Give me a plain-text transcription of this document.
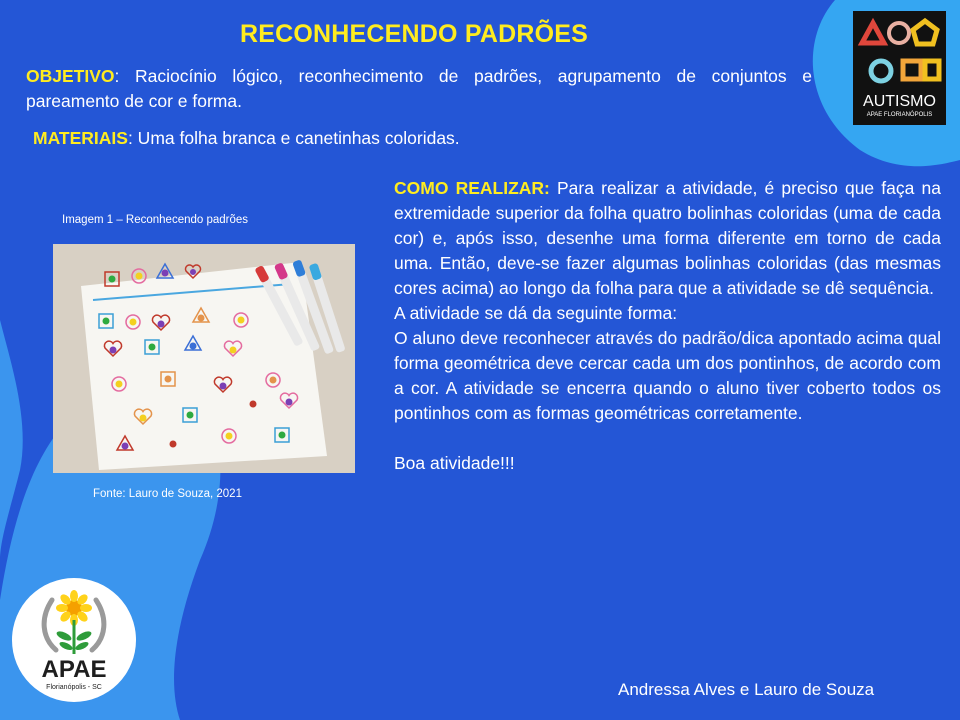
RECONHECENDO PADRÕES
OBJETIVO: Raciocínio lógico, reconhecimento de padrões, agrupamento de conjuntos e pareamento de cor e forma.
MATERIAIS: Uma folha branca e canetinhas coloridas.

COMO REALIZAR: Para realizar a atividade, é preciso que faça na extremidade superior da folha quatro bolinhas coloridas (uma de cada cor) e, após isso, desenhe uma forma diferente em torno de cada uma. Então, deve-se fazer algumas bolinhas coloridas (das mesmas cores acima) ao longo da folha para que a atividade se dê sequência.

A atividade se dá da seguinte forma:

O aluno deve reconhecer através do padrão/dica apontado acima qual forma geométrica deve cercar cada um dos pontinhos, de acordo com a cor. A atividade se encerra quando o aluno tiver coberto todos os pontinhos com as formas geométricas corretamente.

Boa atividade!!!

Imagem 1 – Reconhecendo padrões
Fonte: Lauro de Souza, 2021
AUTISMO
APAE FLORIANÓPOLIS
APAE
Florianópolis - SC	Andressa Alves e Lauro de Souza
